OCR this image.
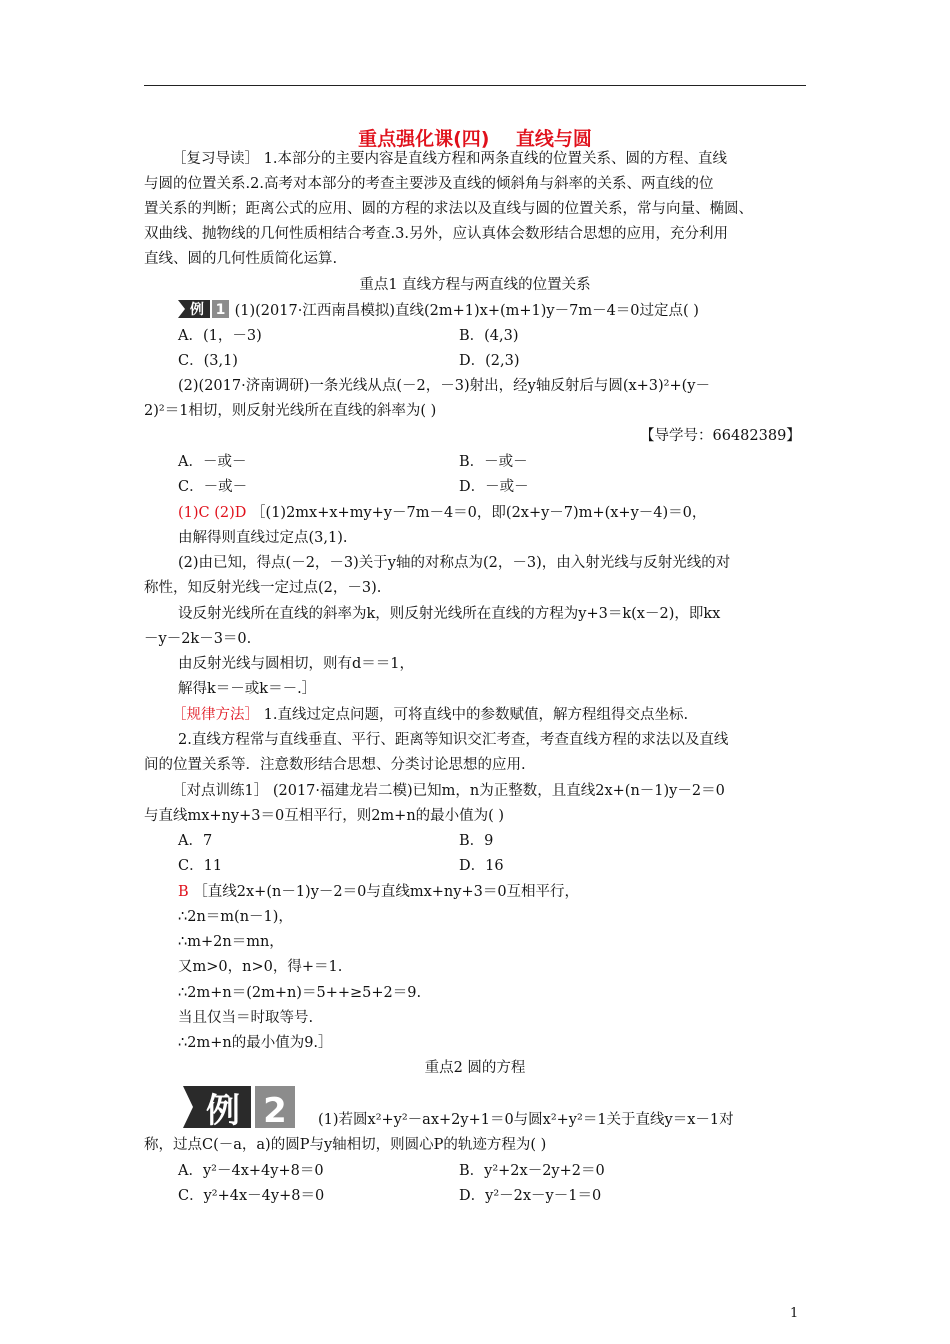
重点强化课(四)    直线与圆
［复习导读］ 1.本部分的主要内容是直线方程和两条直线的位置关系、圆的方程、直线
与圆的位置关系.2.高考对本部分的考查主要涉及直线的倾斜角与斜率的关系、两直线的位
置关系的判断；距离公式的应用、圆的方程的求法以及直线与圆的位置关系，常与向量、椭圆、
双曲线、抛物线的几何性质相结合考查.3.另外，应认真体会数形结合思想的应用，充分利用
直线、圆的几何性质简化运算.
重点1 直线方程与两直线的位置关系
例 1 (1)(2017·江西南昌模拟)直线(2m+1)x+(m+1)y－7m－4＝0过定点( )
A．(1，－3)	B．(4,3)
C．(3,1)	D．(2,3)
(2)(2017·济南调研)一条光线从点(－2，－3)射出，经y轴反射后与圆(x+3)²+(y－
2)²＝1相切，则反射光线所在直线的斜率为( )
【导学号：66482389】
A．－或－	B．－或－
C．－或－	D．－或－
(1)C (2)D ［(1)2mx+x+my+y－7m－4＝0，即(2x+y－7)m+(x+y－4)＝0，
由解得则直线过定点(3,1).
(2)由已知，得点(－2，－3)关于y轴的对称点为(2，－3)，由入射光线与反射光线的对
称性，知反射光线一定过点(2，－3).
设反射光线所在直线的斜率为k，则反射光线所在直线的方程为y+3＝k(x－2)，即kx
－y－2k－3＝0.
由反射光线与圆相切，则有d＝＝1，
解得k＝－或k＝－.］
［规律方法］ 1.直线过定点问题，可将直线中的参数赋值，解方程组得交点坐标.
2.直线方程常与直线垂直、平行、距离等知识交汇考查，考查直线方程的求法以及直线
间的位置关系等．注意数形结合思想、分类讨论思想的应用.
［对点训练1］ (2017·福建龙岩二模)已知m，n为正整数，且直线2x+(n－1)y－2＝0
与直线mx+ny+3＝0互相平行，则2m+n的最小值为( )
A．7	B．9
C．11	D．16
B ［直线2x+(n－1)y－2＝0与直线mx+ny+3＝0互相平行，
∴2n＝m(n－1)，
∴m+2n＝mn，
又m>0，n>0，得+＝1.
∴2m+n＝(2m+n)＝5++≥5+2＝9.
当且仅当＝时取等号.
∴2m+n的最小值为9.］
重点2 圆的方程
例 2 (1)若圆x²+y²－ax+2y+1＝0与圆x²+y²＝1关于直线y＝x－1对
称，过点C(－a，a)的圆P与y轴相切，则圆心P的轨迹方程为( )
A．y²－4x+4y+8＝0	B．y²+2x－2y+2＝0
C．y²+4x－4y+8＝0	D．y²－2x－y－1＝0
1
